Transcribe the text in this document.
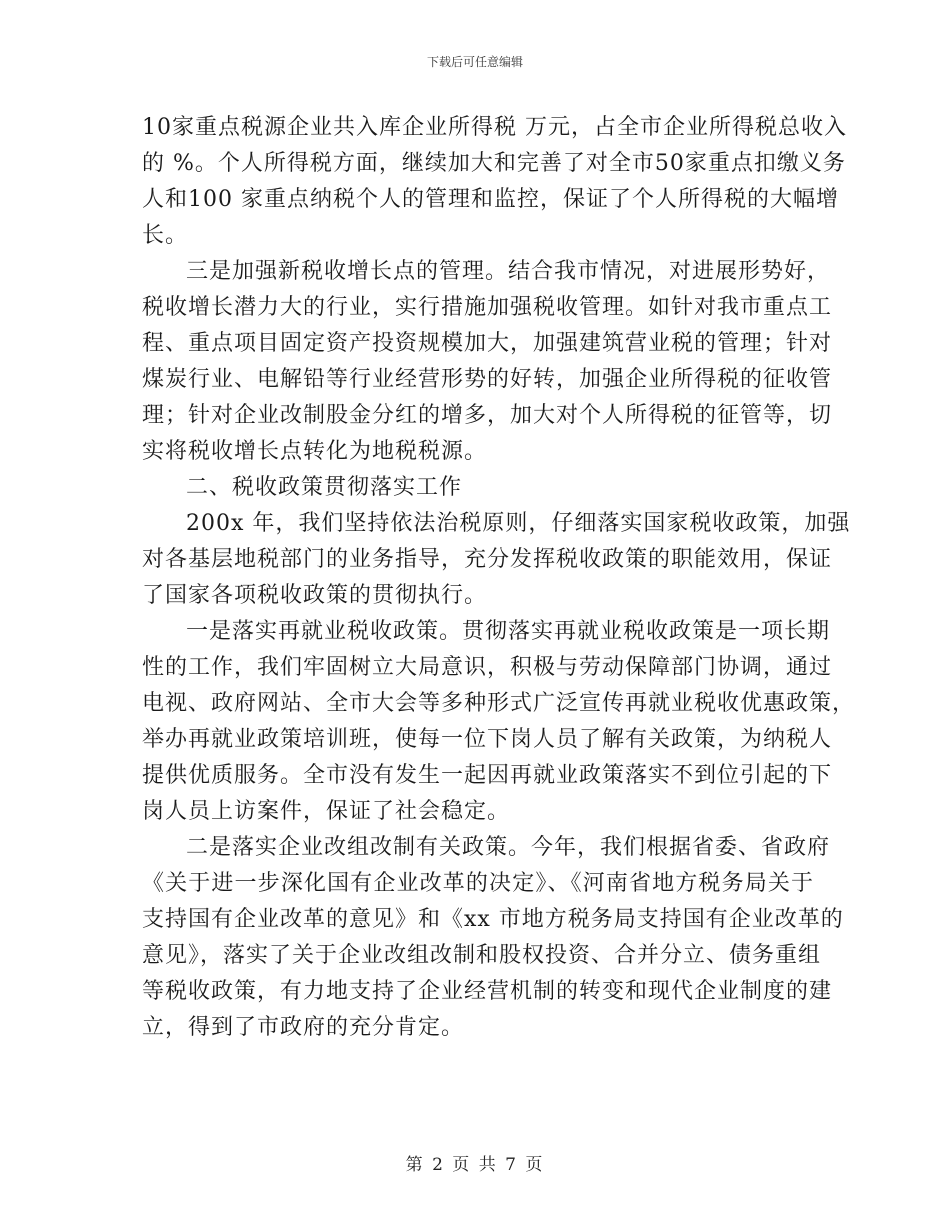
下载后可任意编辑
10家重点税源企业共入库企业所得税 万元，占全市企业所得税总收入
的 %。个人所得税方面，继续加大和完善了对全市50家重点扣缴义务
人和100 家重点纳税个人的管理和监控，保证了个人所得税的大幅增
长。
三是加强新税收增长点的管理。结合我市情况，对进展形势好，
税收增长潜力大的行业，实行措施加强税收管理。如针对我市重点工
程、重点项目固定资产投资规模加大，加强建筑营业税的管理；针对
煤炭行业、电解铅等行业经营形势的好转，加强企业所得税的征收管
理；针对企业改制股金分红的增多，加大对个人所得税的征管等，切
实将税收增长点转化为地税税源。
二、税收政策贯彻落实工作
200x 年，我们坚持依法治税原则，仔细落实国家税收政策，加强
对各基层地税部门的业务指导，充分发挥税收政策的职能效用，保证
了国家各项税收政策的贯彻执行。
一是落实再就业税收政策。贯彻落实再就业税收政策是一项长期
性的工作，我们牢固树立大局意识，积极与劳动保障部门协调，通过
电视、政府网站、全市大会等多种形式广泛宣传再就业税收优惠政策，
举办再就业政策培训班，使每一位下岗人员了解有关政策，为纳税人
提供优质服务。全市没有发生一起因再就业政策落实不到位引起的下
岗人员上访案件，保证了社会稳定。
二是落实企业改组改制有关政策。今年，我们根据省委、省政府
《关于进一步深化国有企业改革的决定》、《河南省地方税务局关于
支持国有企业改革的意见》和《xx 市地方税务局支持国有企业改革的
意见》，落实了关于企业改组改制和股权投资、合并分立、债务重组
等税收政策，有力地支持了企业经营机制的转变和现代企业制度的建
立，得到了市政府的充分肯定。
第 2 页 共 7 页
